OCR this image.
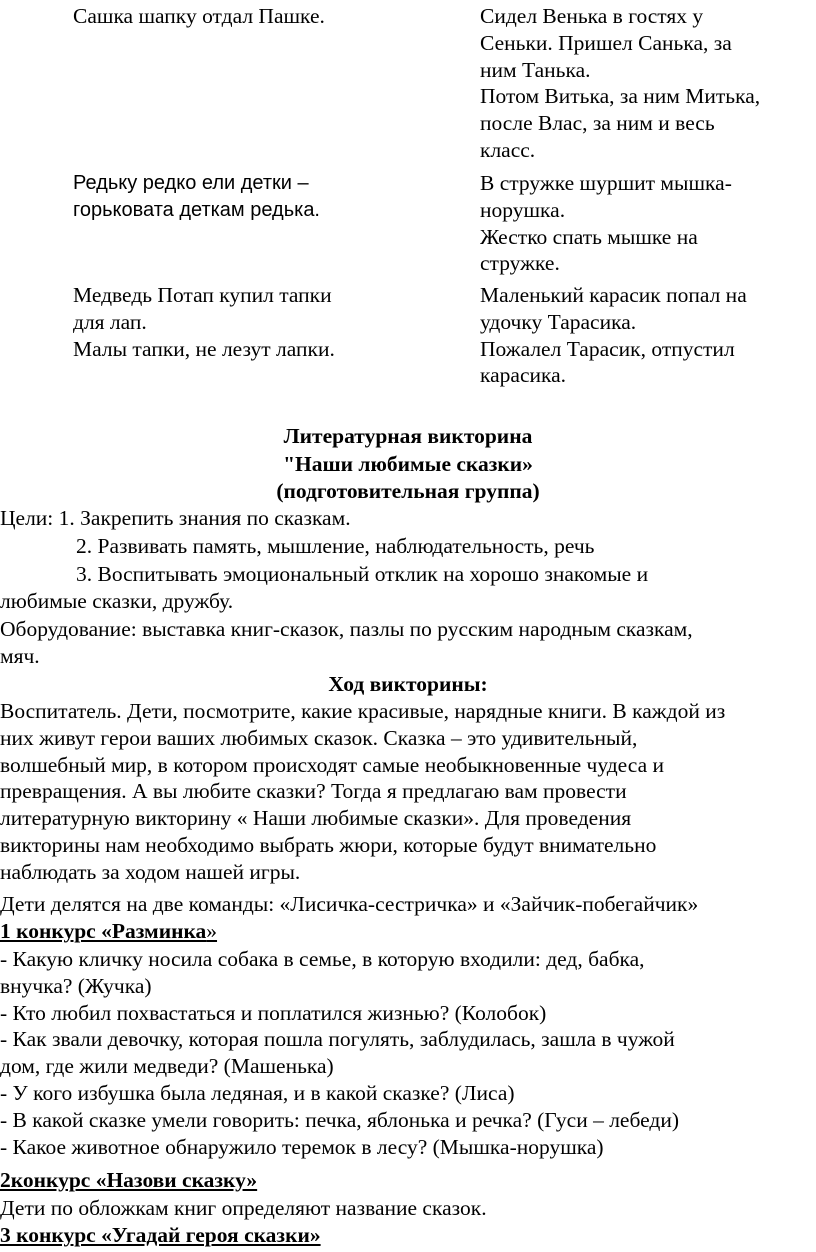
Сашка шапку отдал Пашке.	Сидел Венька в гостях у
Сеньки. Пришел Санька, за
ним Танька.
Потом Витька, за ним Митька,
после Влас, за ним и весь
класс.
Редьку редко ели детки –
горьковата деткам редька.
В стружке шуршит мышка-
норушка.
Жестко спать мышке на
стружке.
Медведь Потап купил тапки
для лап.
Малы тапки, не лезут лапки.
Маленький карасик попал на
удочку Тарасика.
Пожалел Тарасик, отпустил
карасика.
Литературная викторина
"Наши любимые сказки»
(подготовительная группа)
Цели: 1. Закрепить знания по сказкам.
2. Развивать память, мышление, наблюдательность, речь
3. Воспитывать эмоциональный отклик на хорошо знакомые и
любимые сказки, дружбу.
Оборудование: выставка книг-сказок, пазлы по русским народным сказкам,
мяч.
Ход викторины:
Воспитатель. Дети, посмотрите, какие красивые, нарядные книги. В каждой из
них живут герои ваших любимых сказок. Сказка – это удивительный,
волшебный мир, в котором происходят самые необыкновенные чудеса и
превращения. А вы любите сказки? Тогда я предлагаю вам провести
литературную викторину « Наши любимые сказки». Для проведения
викторины нам необходимо выбрать жюри, которые будут внимательно
наблюдать за ходом нашей игры.
Дети делятся на две команды: «Лисичка-сестричка» и «Зайчик-побегайчик»
1 конкурс «Разминка»
- Какую кличку носила собака в семье, в которую входили: дед, бабка,
внучка? (Жучка)
- Кто любил похвастаться и поплатился жизнью? (Колобок)
- Как звали девочку, которая пошла погулять, заблудилась, зашла в чужой
дом, где жили медведи? (Машенька)
- У кого избушка была ледяная, и в какой сказке? (Лиса)
- В какой сказке умели говорить: печка, яблонька и речка? (Гуси – лебеди)
- Какое животное обнаружило теремок в лесу? (Мышка-норушка)
2конкурс «Назови сказку»
Дети по обложкам книг определяют название сказок.
3 конкурс «Угадай героя сказки»
